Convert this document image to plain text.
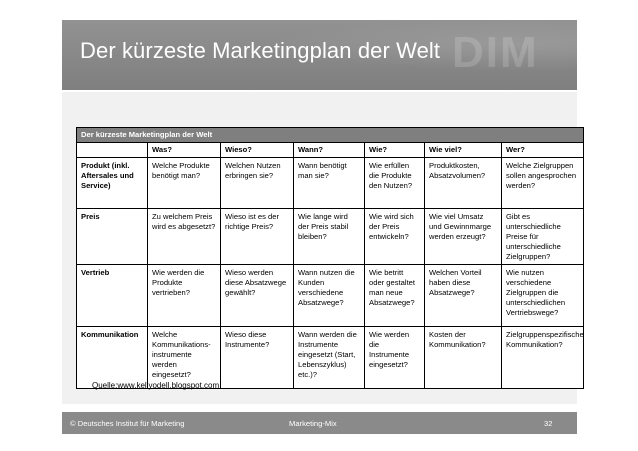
DIM
Der kürzeste Marketingplan der Welt
Der kürzeste Marketingplan der Welt						
	Was?	Wieso?	Wann?	Wie?	Wie viel?	Wer?
Produkt (inkl. Aftersales und Service)	Welche Produkte benötigt man?	Welchen Nutzen erbringen sie?	Wann benötigt man sie?	Wie erfüllen die Produkte den Nutzen?	Produktkosten, Absatzvolumen?	Welche Zielgruppen sollen angesprochen werden?
Preis	Zu welchem Preis wird es abgesetzt?	Wieso ist es der richtige Preis?	Wie lange wird der Preis stabil bleiben?	Wie wird sich der Preis entwickeln?	Wie viel Umsatz und Gewinnmarge werden erzeugt?	Gibt es unterschiedliche Preise für unterschiedliche Zielgruppen?
Vertrieb	Wie werden die Produkte vertrieben?	Wieso werden diese Absatzwege gewählt?	Wann nutzen die Kunden verschiedene Absatzwege?	Wie betritt oder gestaltet man neue Absatzwege?	Welchen Vorteil haben diese Absatzwege?	Wie nutzen verschiedene Zielgruppen die unterschiedlichen Vertriebswege?
Kommunikation	Welche Kommunikations-instrumente werden eingesetzt?	Wieso diese Instrumente?	Wann werden die Instrumente eingesetzt (Start, Lebenszyklus) etc.)?	Wie werden die Instrumente eingesetzt?	Kosten der Kommunikation?	Zielgruppenspezifische Kommunikation?
Quelle:www.kellyodell.blogspot.com
© Deutsches Institut für Marketing	Marketing-Mix	32
